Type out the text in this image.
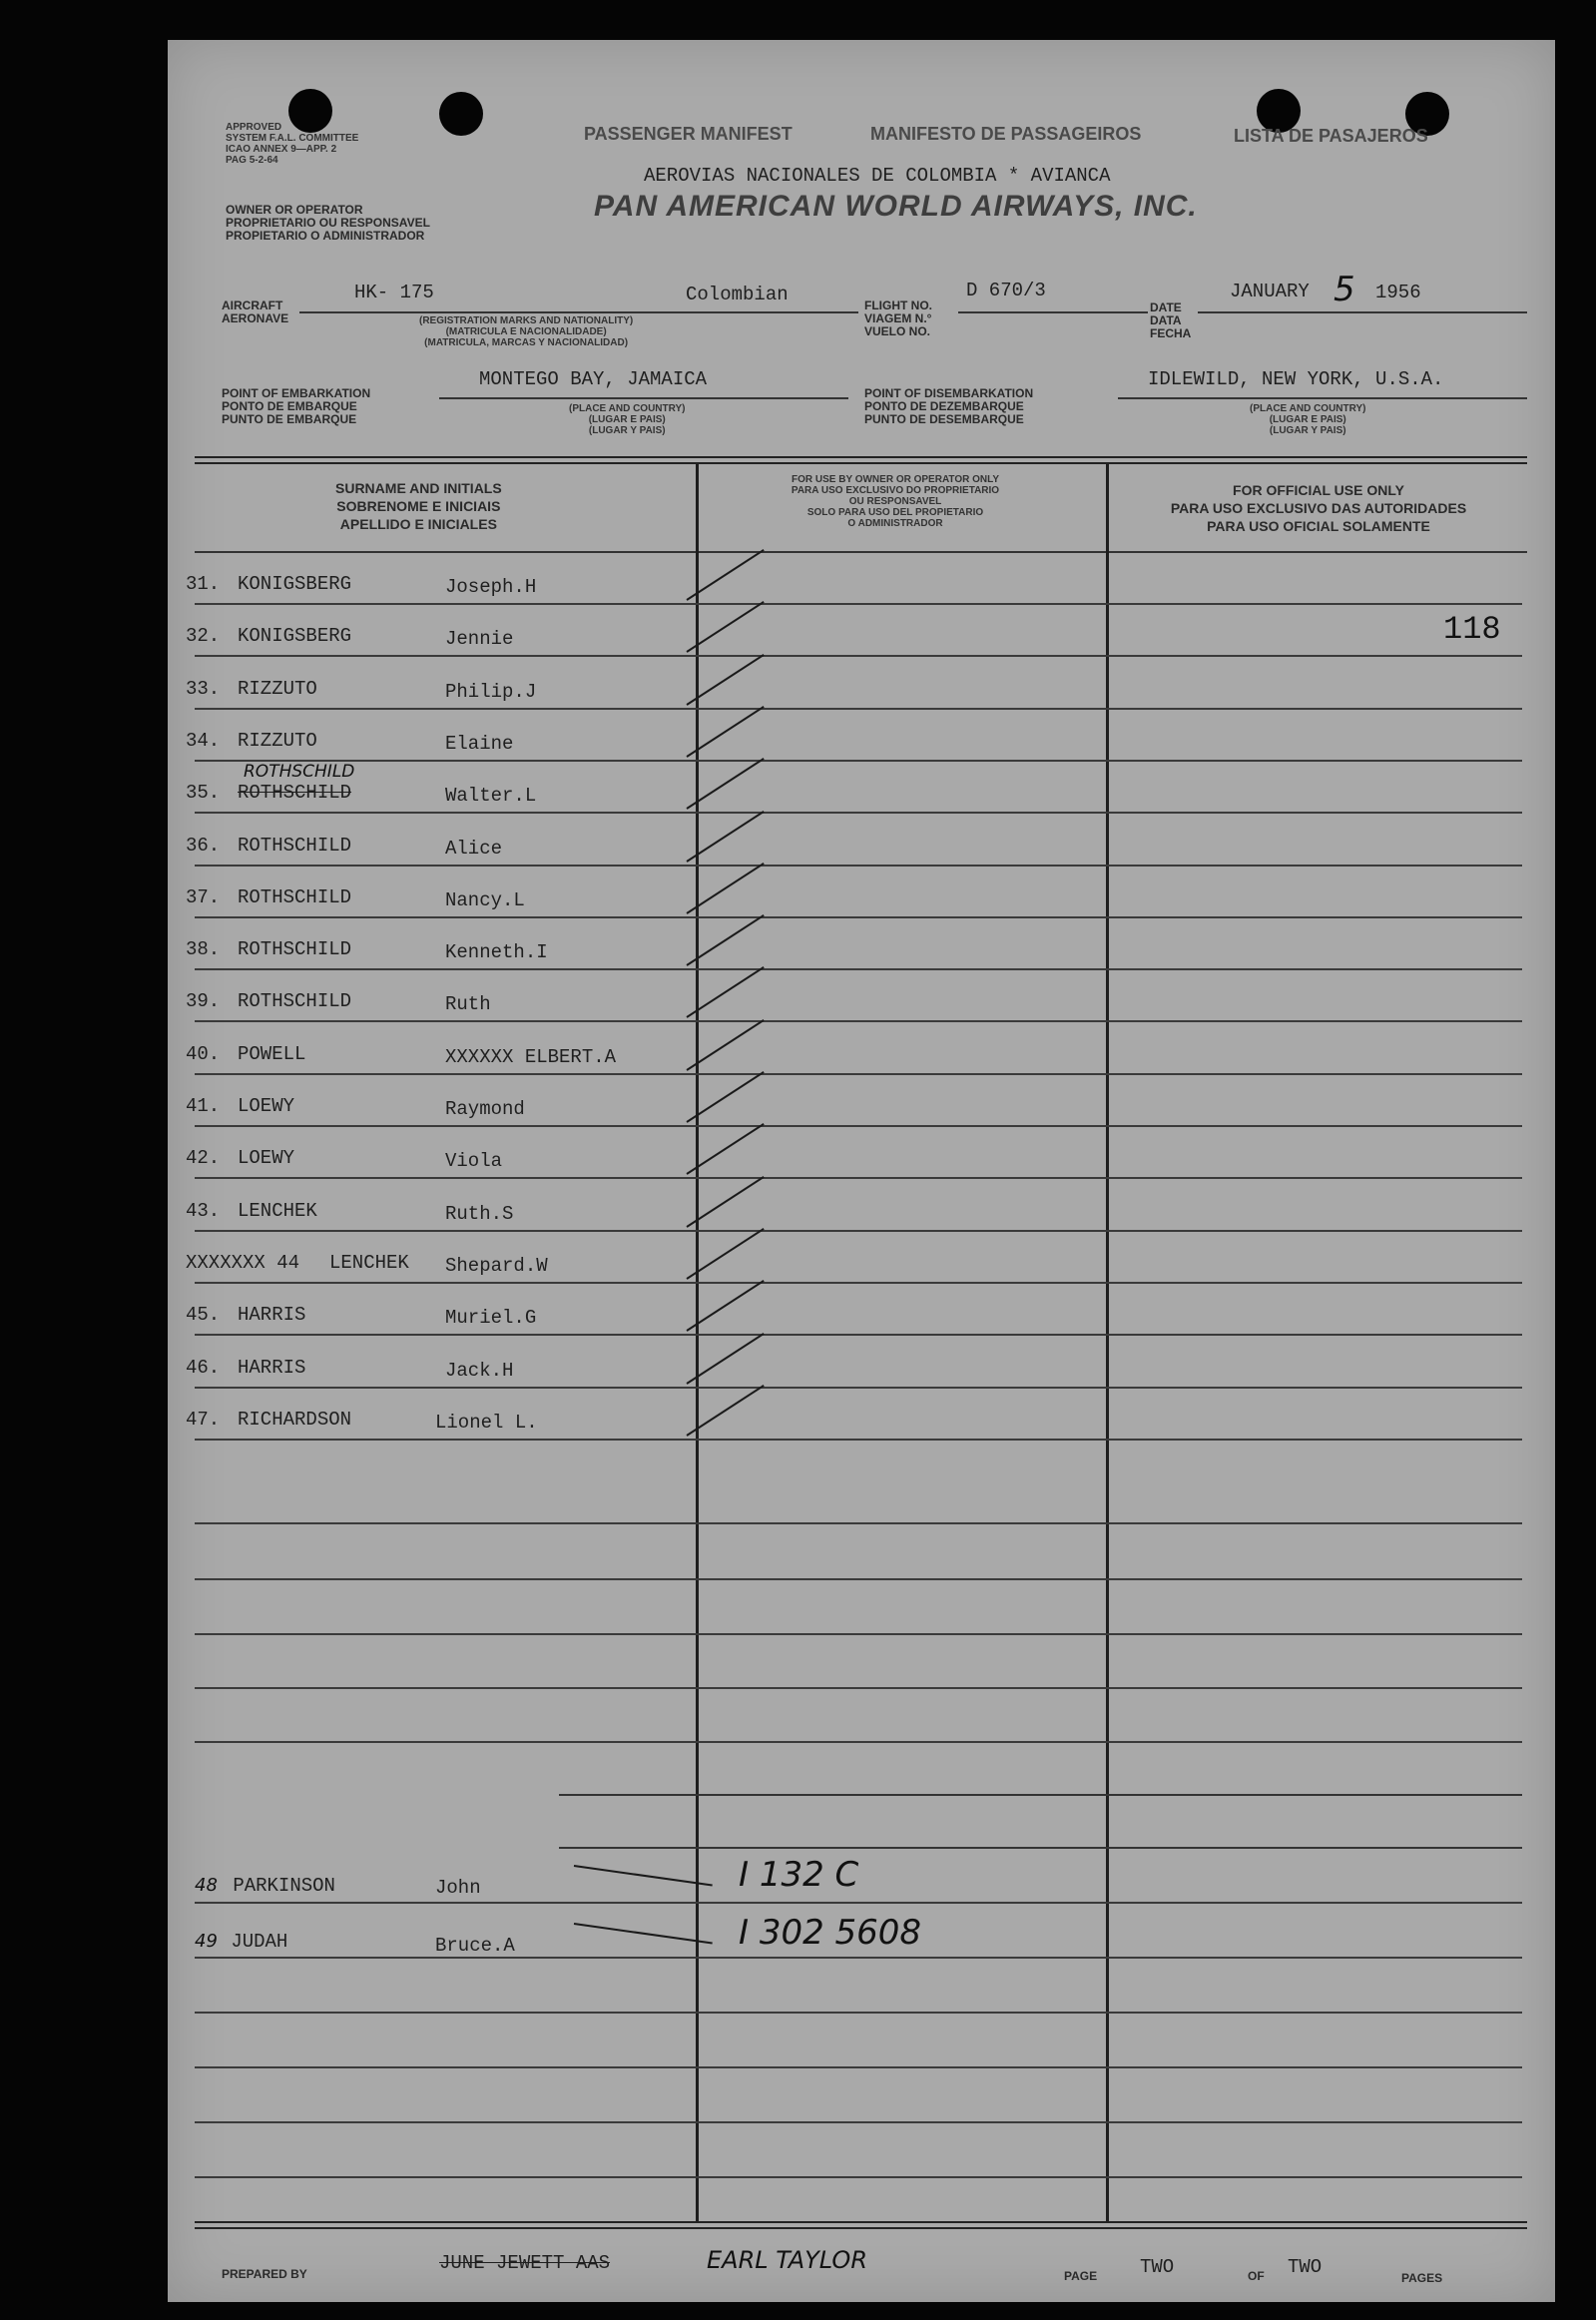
APPROVED
SYSTEM F.A.L. COMMITTEE
ICAO ANNEX 9—APP. 2
PAG 5-2-64
OWNER OR OPERATOR
PROPRIETARIO OU RESPONSAVEL
PROPIETARIO O ADMINISTRADOR
PASSENGER MANIFEST	MANIFESTO DE PASSAGEIROS	LISTA DE PASAJEROS
AEROVIAS NACIONALES DE COLOMBIA * AVIANCA
PAN AMERICAN WORLD AIRWAYS, INC.
AIRCRAFT
AERONAVE
HK- 175	Colombian
(REGISTRATION MARKS AND NATIONALITY)
(MATRICULA E NACIONALIDADE)
(MATRICULA, MARCAS Y NACIONALIDAD)
FLIGHT NO.
VIAGEM N.°
VUELO NO.
D 670/3
DATE
DATA
FECHA
JANUARY 5 1956
POINT OF EMBARKATION
PONTO DE EMBARQUE
PUNTO DE EMBARQUE
MONTEGO BAY, JAMAICA
(PLACE AND COUNTRY)
(LUGAR E PAIS)
(LUGAR Y PAIS)
POINT OF DISEMBARKATION
PONTO DE DEZEMBARQUE
PUNTO DE DESEMBARQUE
IDLEWILD, NEW YORK, U.S.A.
(PLACE AND COUNTRY)
(LUGAR E PAIS)
(LUGAR Y PAIS)
SURNAME AND INITIALS
SOBRENOME E INICIAIS
APELLIDO E INICIALES
FOR USE BY OWNER OR OPERATOR ONLY
PARA USO EXCLUSIVO DO PROPRIETARIO
OU RESPONSAVEL
SOLO PARA USO DEL PROPIETARIO
O ADMINISTRADOR
FOR OFFICIAL USE ONLY
PARA USO EXCLUSIVO DAS AUTORIDADES
PARA USO OFICIAL SOLAMENTE
118
31. KONIGSBERG	Joseph.H
32. KONIGSBERG	Jennie
33. RIZZUTO	Philip.J
34. RIZZUTO	Elaine
35. ROTHSCHILD	Walter.L
36. ROTHSCHILD	Alice
37. ROTHSCHILD	Nancy.L
38. ROTHSCHILD	Kenneth.I
39. ROTHSCHILD	Ruth
40. POWELL	XXXXXX ELBERT.A
41. LOEWY	Raymond
42. LOEWY	Viola
43. LENCHEK	Ruth.S
XXXXXXX 44 LENCHEK Shepard.W
45. HARRIS	Muriel.G
46. HARRIS	Jack.H
47. RICHARDSON	Lionel L.
ROTHSCHILD
48 PARKINSON	John	I 132 C
49 JUDAH	Bruce.A	I 302 5608
PREPARED BY	JUNE JEWETT AAS	EARL TAYLOR
PAGE TWO	OF TWO	PAGES
